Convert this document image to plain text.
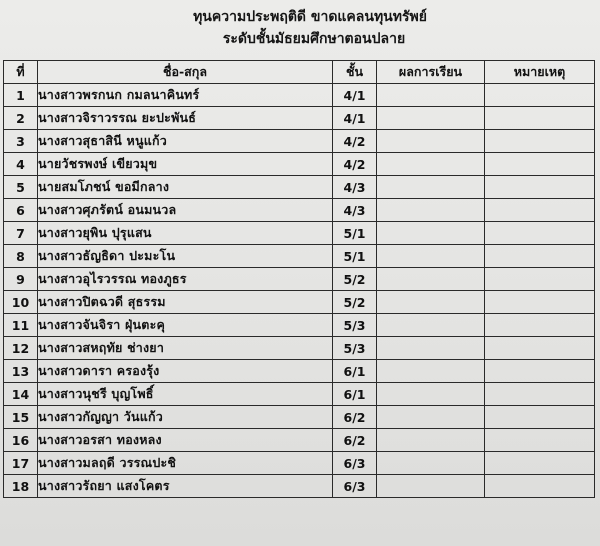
ทุนความประพฤติดี ขาดแคลนทุนทรัพย์
ระดับชั้นมัธยมศึกษาตอนปลาย
ที่	ชื่อ-สกุล	ชั้น	ผลการเรียน	หมายเหตุ
1	นางสาวพรกนก กมลนาคินทร์	4/1		
2	นางสาวจิราวรรณ ยะปะพันธ์	4/1		
3	นางสาวสุธาสินี หนูแก้ว	4/2		
4	นายวัชรพงษ์ เขียวมุข	4/2		
5	นายสมโภชน์ ขอมีกลาง	4/3		
6	นางสาวศุภรัตน์ อนมนวล	4/3		
7	นางสาวยุพิน ปุรุแสน	5/1		
8	นางสาวธัญธิดา ปะมะโน	5/1		
9	นางสาวอุไรวรรณ ทองภูธร	5/2		
10	นางสาวปิตฉวดี สุธรรม	5/2		
11	นางสาวจันจิรา ฝุ่นตะคุ	5/3		
12	นางสาวสหฤทัย ช่างยา	5/3		
13	นางสาวดารา ครองรุ้ง	6/1		
14	นางสาวนุชรี บุญโพธิ์	6/1		
15	นางสาวกัญญา วันแก้ว	6/2		
16	นางสาวอรสา ทองหลง	6/2		
17	นางสาวมลฤดี วรรณปะชิ	6/3		
18	นางสาวรัถยา แสงโคตร	6/3		
